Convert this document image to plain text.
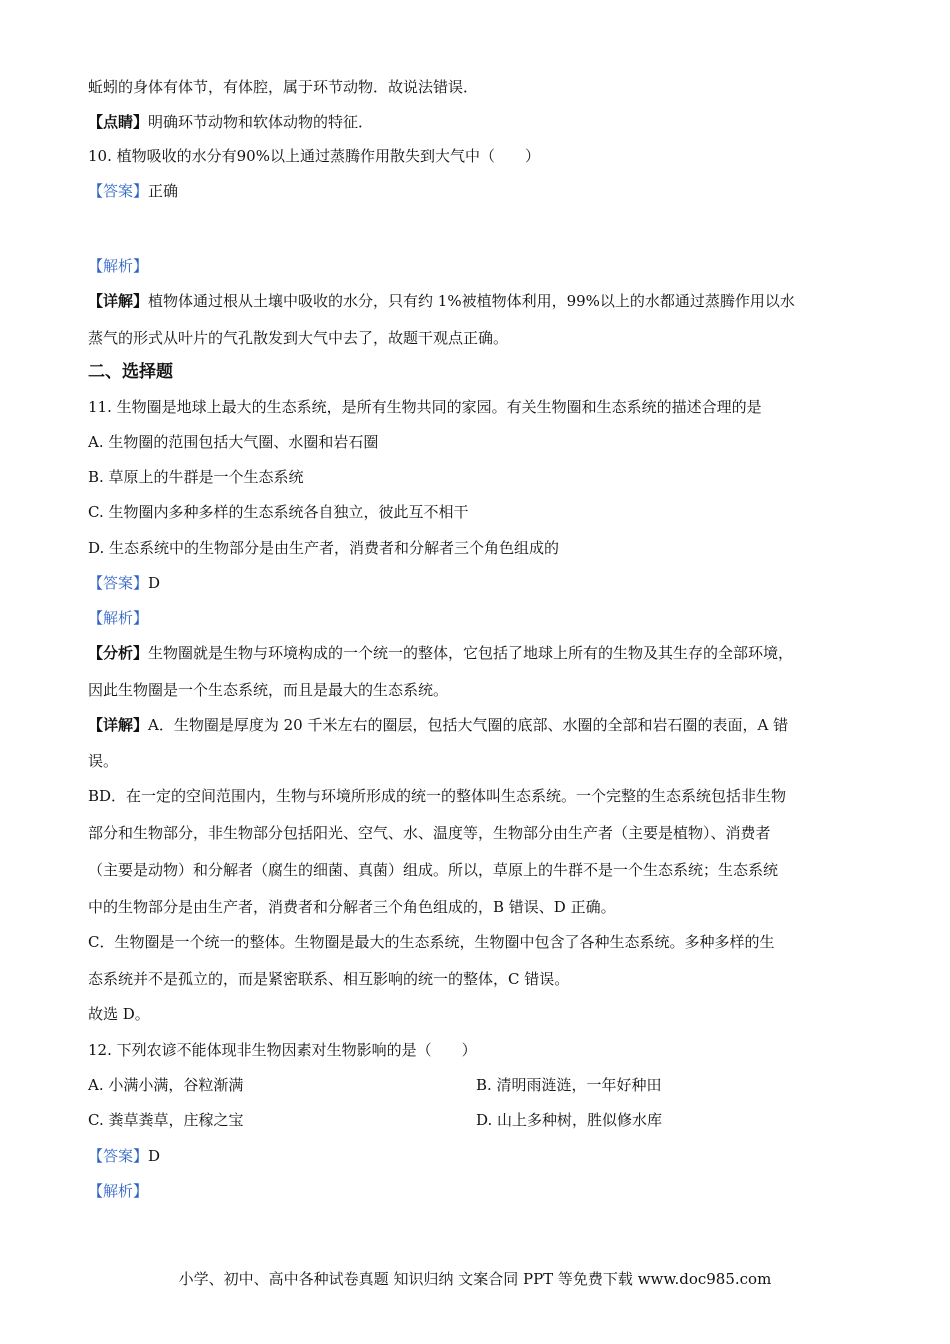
蚯蚓的身体有体节，有体腔，属于环节动物．故说法错误．
【点睛】明确环节动物和软体动物的特征．
10. 植物吸收的水分有90%以上通过蒸腾作用散失到大气中（　　）
【答案】正确
【解析】
【详解】植物体通过根从土壤中吸收的水分，只有约 1%被植物体利用，99%以上的水都通过蒸腾作用以水
蒸气的形式从叶片的气孔散发到大气中去了，故题干观点正确。
二、选择题
11. 生物圈是地球上最大的生态系统，是所有生物共同的家园。有关生物圈和生态系统的描述合理的是
A. 生物圈的范围包括大气圈、水圈和岩石圈
B. 草原上的牛群是一个生态系统
C. 生物圈内多种多样的生态系统各自独立，彼此互不相干
D. 生态系统中的生物部分是由生产者，消费者和分解者三个角色组成的
【答案】D
【解析】
【分析】生物圈就是生物与环境构成的一个统一的整体，它包括了地球上所有的生物及其生存的全部环境，
因此生物圈是一个生态系统，而且是最大的生态系统。
【详解】A．生物圈是厚度为 20 千米左右的圈层，包括大气圈的底部、水圈的全部和岩石圈的表面，A 错
误。
BD．在一定的空间范围内，生物与环境所形成的统一的整体叫生态系统。一个完整的生态系统包括非生物
部分和生物部分，非生物部分包括阳光、空气、水、温度等，生物部分由生产者（主要是植物）、消费者
（主要是动物）和分解者（腐生的细菌、真菌）组成。所以，草原上的牛群不是一个生态系统；生态系统
中的生物部分是由生产者，消费者和分解者三个角色组成的，B 错误、D 正确。
C．生物圈是一个统一的整体。生物圈是最大的生态系统，生物圈中包含了各种生态系统。多种多样的生
态系统并不是孤立的，而是紧密联系、相互影响的统一的整体，C 错误。
故选 D。
12. 下列农谚不能体现非生物因素对生物影响的是（　　）
A. 小满小满，谷粒渐满	B. 清明雨涟涟，一年好种田
C. 粪草粪草，庄稼之宝	D. 山上多种树，胜似修水库
【答案】D
【解析】
小学、初中、高中各种试卷真题 知识归纳 文案合同 PPT 等免费下载 www.doc985.com
